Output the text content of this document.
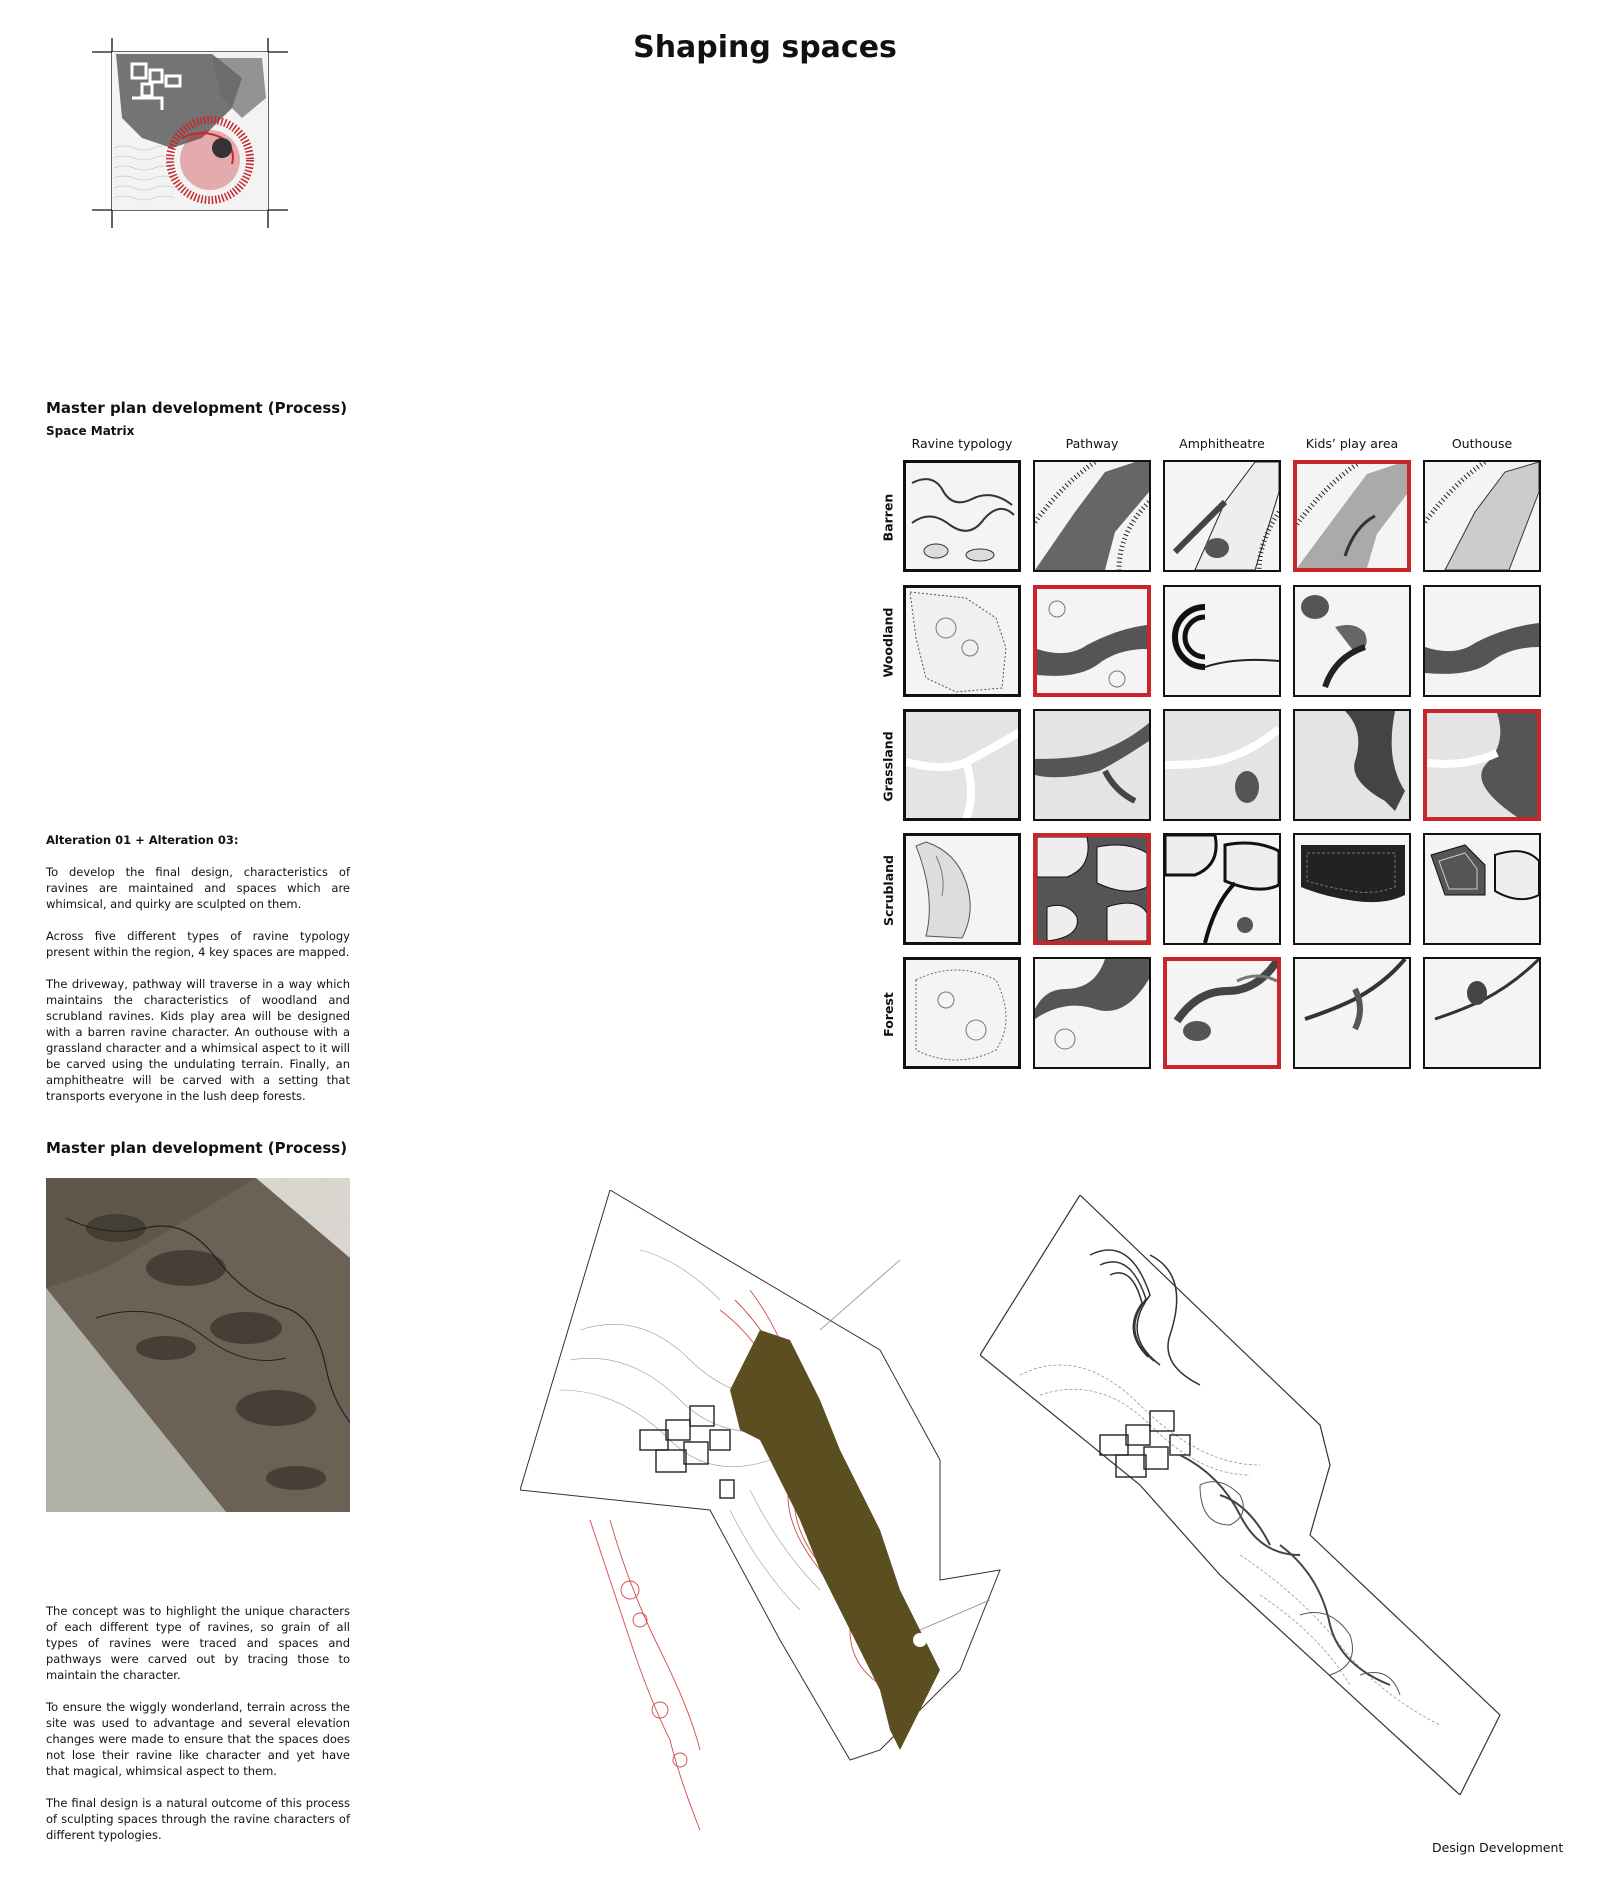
Shaping spaces
Master plan development (Process)
Space Matrix

Alteration 01 + Alteration 03:

To develop the final design, characteristics of ravines are maintained and spaces which are whimsical, and quirky are sculpted on them.

Across five different types of ravine typology present within the region, 4 key spaces are mapped.

The driveway, pathway will traverse in a way which maintains the characteristics of woodland and scrubland ravines. Kids play area will be designed with a barren ravine character. An outhouse with a grassland character and a whimsical aspect to it will be carved using the undulating terrain. Finally, an amphitheatre will be carved with a setting that transports everyone in the lush deep forests.

Ravine typology	Pathway	Amphitheatre	Kids’ play area	Outhouse
Barren
Woodland
Grassland
Scrubland
Forest
Master plan development (Process)

The concept was to highlight the unique characters of each different type of ravines, so grain of all types of ravines were traced and spaces and pathways were carved out by tracing those to maintain the character.

To ensure the wiggly wonderland, terrain across the site was used to advantage and several elevation changes were made to ensure that the spaces does not lose their ravine like character and yet have that magical, whimsical aspect to them.

The final design is a natural outcome of this process of sculpting spaces through the ravine characters of different typologies.

Design Development
